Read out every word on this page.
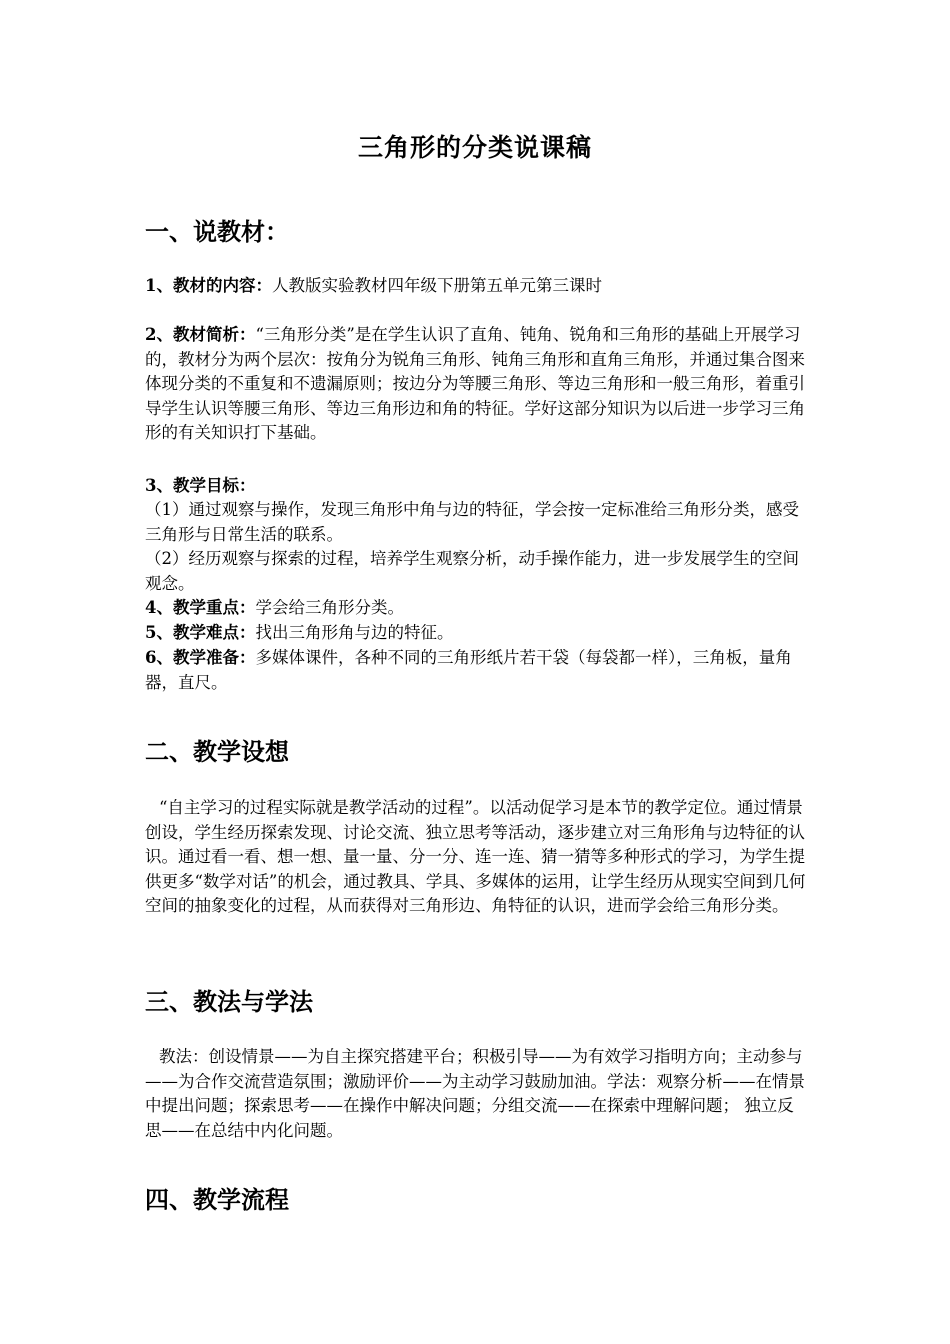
三角形的分类说课稿
一、说教材：
1、教材的内容：人教版实验教材四年级下册第五单元第三课时
2、教材简析：“三角形分类”是在学生认识了直角、钝角、锐角和三角形的基础上开展学习的，教材分为两个层次：按角分为锐角三角形、钝角三角形和直角三角形，并通过集合图来体现分类的不重复和不遗漏原则；按边分为等腰三角形、等边三角形和一般三角形，着重引导学生认识等腰三角形、等边三角形边和角的特征。学好这部分知识为以后进一步学习三角形的有关知识打下基础。
3、教学目标：
（1）通过观察与操作，发现三角形中角与边的特征，学会按一定标准给三角形分类，感受三角形与日常生活的联系。
（2）经历观察与探索的过程，培养学生观察分析，动手操作能力，进一步发展学生的空间观念。
4、教学重点：学会给三角形分类。
5、教学难点：找出三角形角与边的特征。
6、教学准备：多媒体课件，各种不同的三角形纸片若干袋（每袋都一样），三角板，量角器，直尺。
二、教学设想
“自主学习的过程实际就是教学活动的过程”。以活动促学习是本节的教学定位。通过情景创设，学生经历探索发现、讨论交流、独立思考等活动，逐步建立对三角形角与边特征的认识。通过看一看、想一想、量一量、分一分、连一连、猜一猜等多种形式的学习，为学生提供更多“数学对话”的机会，通过教具、学具、多媒体的运用，让学生经历从现实空间到几何空间的抽象变化的过程，从而获得对三角形边、角特征的认识，进而学会给三角形分类。
三、教法与学法
教法：创设情景——为自主探究搭建平台；积极引导——为有效学习指明方向；主动参与——为合作交流营造氛围；激励评价——为主动学习鼓励加油。学法：观察分析——在情景中提出问题；探索思考——在操作中解决问题；分组交流——在探索中理解问题； 独立反思——在总结中内化问题。
四、教学流程
